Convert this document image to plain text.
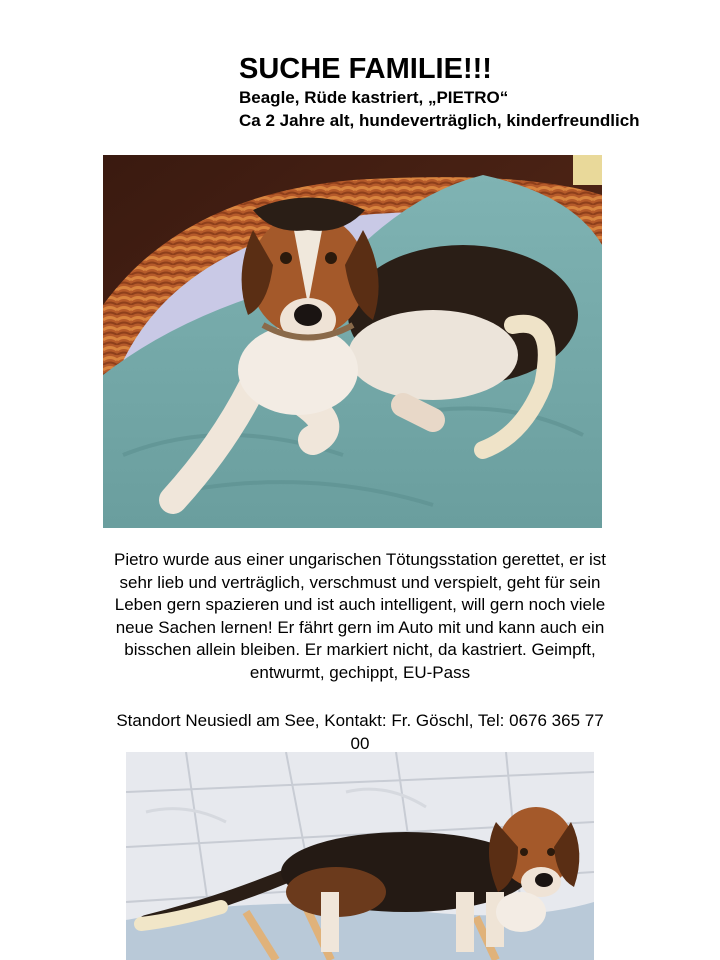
SUCHE FAMILIE!!!
Beagle, Rüde kastriert, „PIETRO“
Ca 2 Jahre alt, hundeverträglich, kinderfreundlich
Pietro wurde aus einer ungarischen Tötungsstation gerettet, er ist sehr lieb und verträglich, verschmust und verspielt, geht für sein Leben gern spazieren und ist auch intelligent, will gern noch viele neue Sachen lernen! Er fährt gern im Auto mit und kann auch ein bisschen allein bleiben. Er markiert nicht, da kastriert. Geimpft, entwurmt, gechippt, EU-Pass
Standort Neusiedl am See, Kontakt: Fr. Göschl, Tel: 0676 365 77 00
